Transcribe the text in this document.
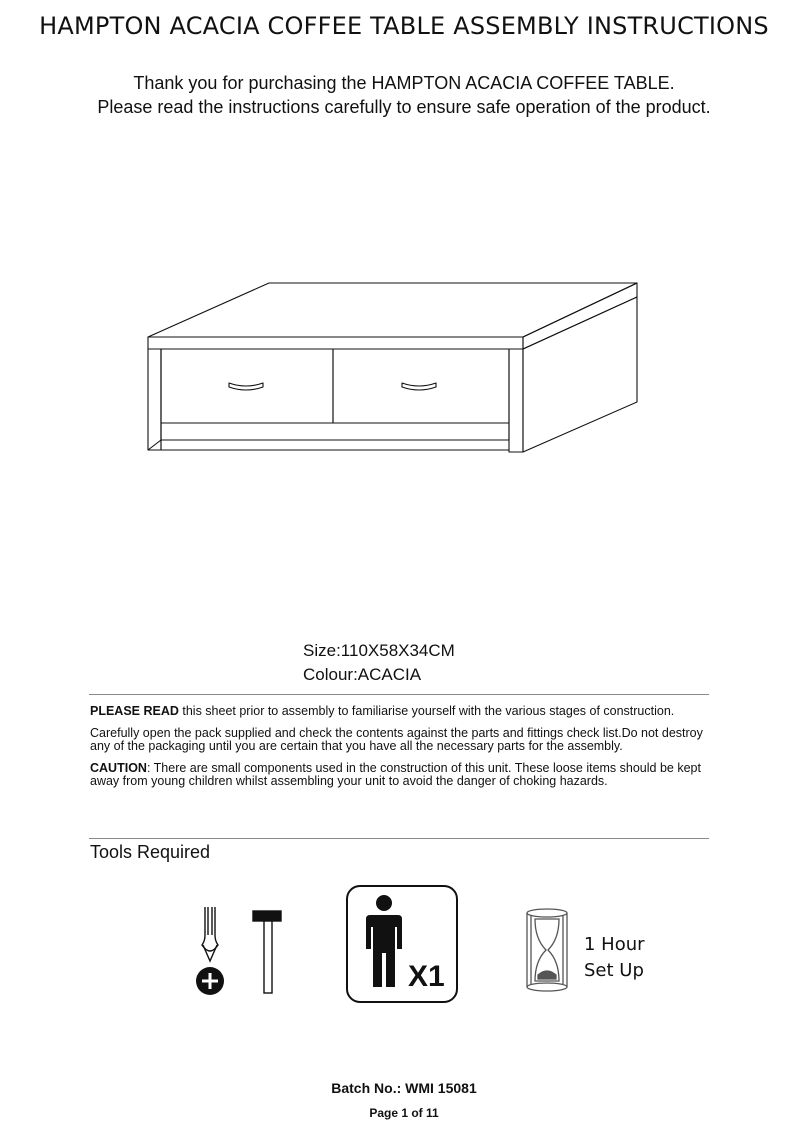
HAMPTON ACACIA COFFEE TABLE ASSEMBLY INSTRUCTIONS
Thank you for purchasing the HAMPTON ACACIA COFFEE TABLE.
Please read the instructions carefully to ensure safe operation of the product.
Size:110X58X34CM
Colour:ACACIA

PLEASE READ this sheet prior to assembly to familiarise yourself with the various stages of construction.

Carefully open the pack supplied and check the contents against the parts and fittings check list.Do not destroy any of the packaging until you are certain that you have all the necessary parts for the assembly.

CAUTION: There are small components used in the construction of this unit. These loose items should be kept away from young children whilst assembling your unit to avoid the danger of choking hazards.

Tools Required
X1
1 Hour
Set Up
Batch No.: WMI 15081
Page 1 of 11
